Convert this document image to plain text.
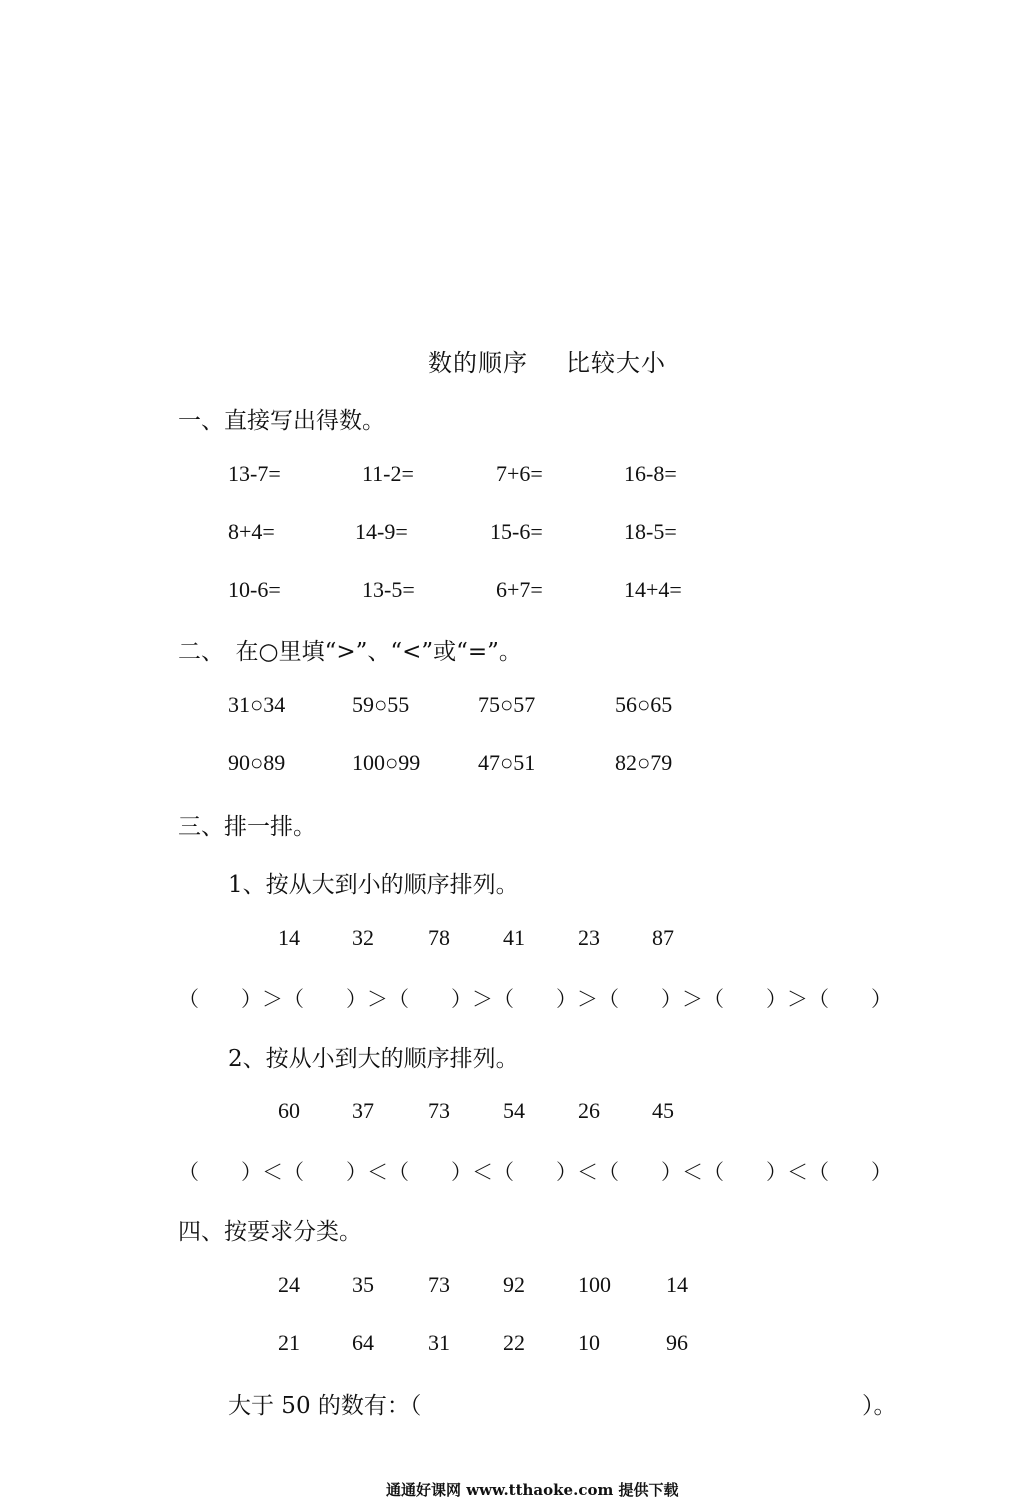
数的顺序 比较大小
一、直接写出得数。
13-7=	11-2=	7+6=	16-8=
8+4=	14-9=	15-6=	18-5=
10-6=	13-5=	6+7=	14+4=
二、　在○里填“>”、“<”或“=”。
31○34	59○55	75○57	56○65
90○89	100○99	47○51	82○79
三、排一排。
1、按从大到小的顺序排列。
14 32 78 41 23 87
（　　）＞（　　）＞（　　）＞（　　）＞（　　）＞（　　）＞（　　）
2、按从小到大的顺序排列。
60 37 73 54 26 45
（　　）＜（　　）＜（　　）＜（　　）＜（　　）＜（　　）＜（　　）
四、按要求分类。
24 35 73 92 100	14
21 64 31 22 10	96
大于 50 的数有：（	）。
通通好课网 www.tthaoke.com 提供下载
